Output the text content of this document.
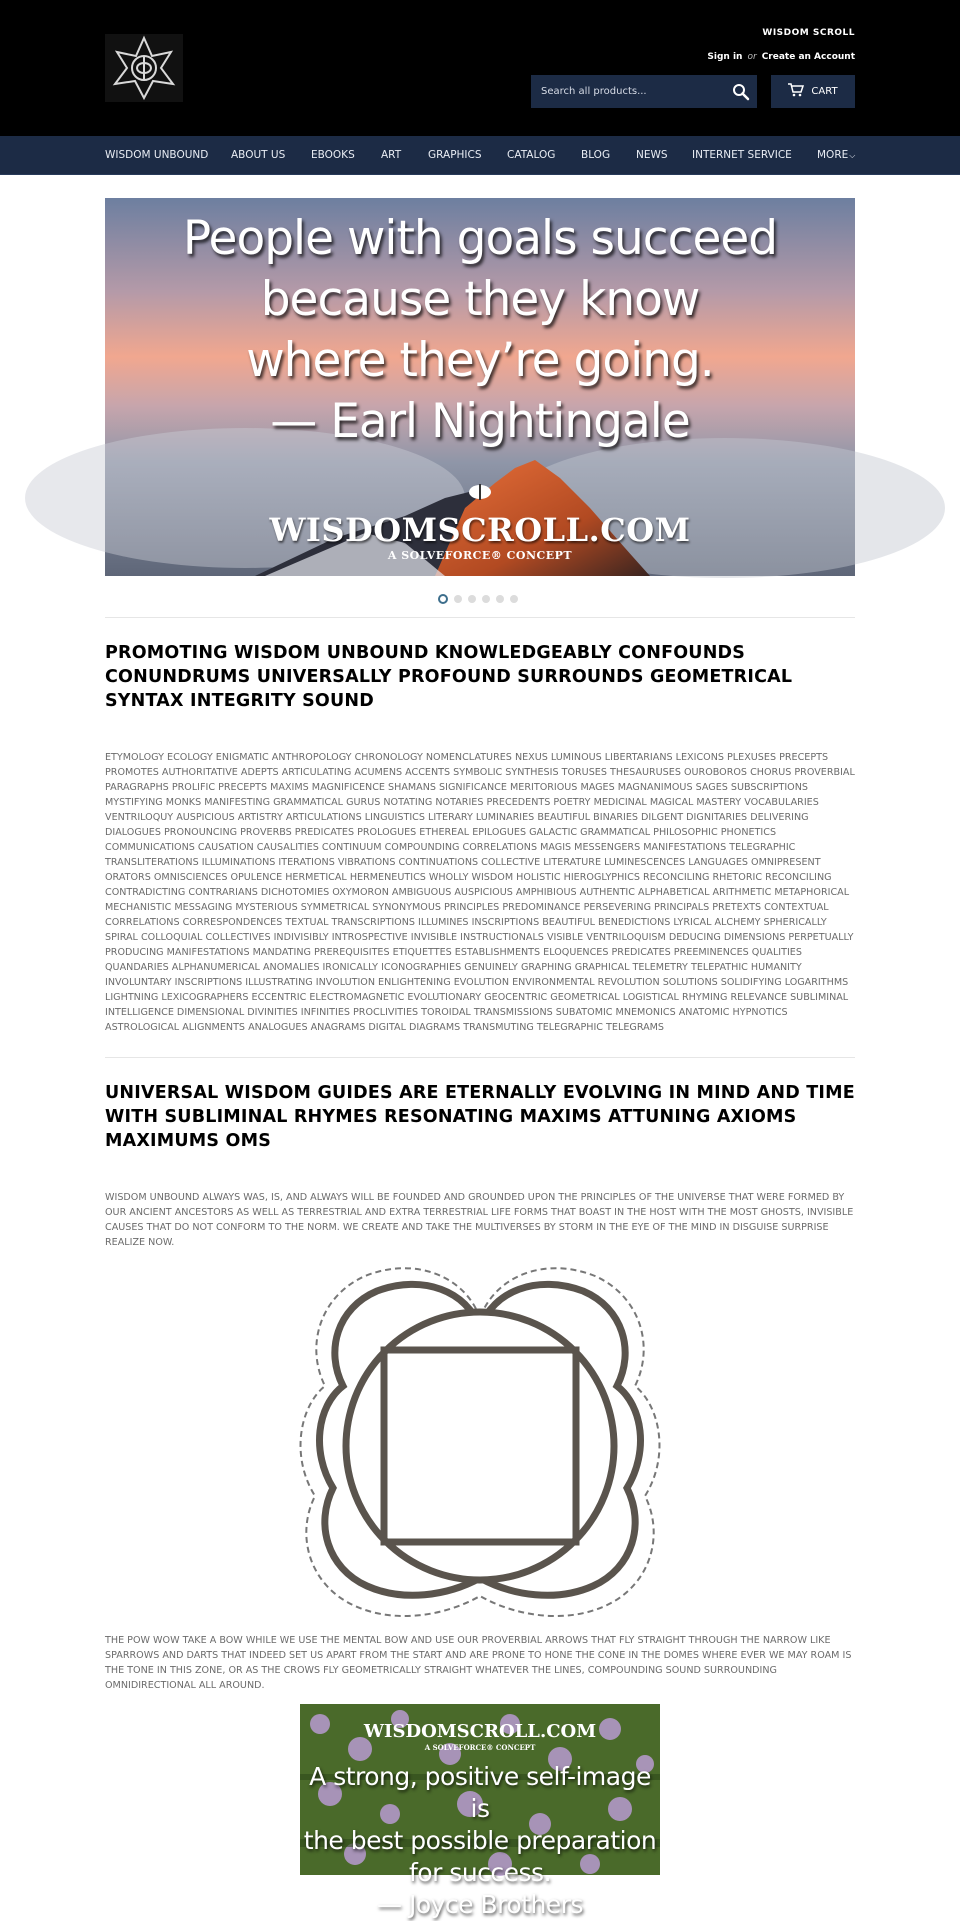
WISDOM SCROLL
Sign in or Create an Account
Search all products...
CART
WISDOM UNBOUND ABOUT US EBOOKS	ART	GRAPHICS CATALOG BLOG NEWS INTERNET SERVICE MORE⌵
People with goals succeed
because they know
where they’re going.
— Earl Nightingale
WISDOMSCROLL.COM
A SOLVEFORCE® CONCEPT
PROMOTING WISDOM UNBOUND KNOWLEDGEABLY CONFOUNDS CONUNDRUMS UNIVERSALLY PROFOUND SURROUNDS GEOMETRICAL SYNTAX INTEGRITY SOUND

ETYMOLOGY ECOLOGY ENIGMATIC ANTHROPOLOGY CHRONOLOGY NOMENCLATURES NEXUS LUMINOUS LIBERTARIANS LEXICONS PLEXUSES PRECEPTS PROMOTES AUTHORITATIVE ADEPTS ARTICULATING ACUMENS ACCENTS SYMBOLIC SYNTHESIS TORUSES THESAURUSES OUROBOROS CHORUS PROVERBIAL PARAGRAPHS PROLIFIC PRECEPTS MAXIMS MAGNIFICENCE SHAMANS SIGNIFICANCE MERITORIOUS MAGES MAGNANIMOUS SAGES SUBSCRIPTIONS MYSTIFYING MONKS MANIFESTING GRAMMATICAL GURUS NOTATING NOTARIES PRECEDENTS POETRY MEDICINAL MAGICAL MASTERY VOCABULARIES VENTRILOQUY AUSPICIOUS ARTISTRY ARTICULATIONS LINGUISTICS LITERARY LUMINARIES BEAUTIFUL BINARIES DILGENT DIGNITARIES DELIVERING DIALOGUES PRONOUNCING PROVERBS PREDICATES PROLOGUES ETHEREAL EPILOGUES GALACTIC GRAMMATICAL PHILOSOPHIC PHONETICS COMMUNICATIONS CAUSATION CAUSALITIES CONTINUUM COMPOUNDING CORRELATIONS MAGIS MESSENGERS MANIFESTATIONS TELEGRAPHIC TRANSLITERATIONS ILLUMINATIONS ITERATIONS VIBRATIONS CONTINUATIONS COLLECTIVE LITERATURE LUMINESCENCES LANGUAGES OMNIPRESENT ORATORS OMNISCIENCES OPULENCE HERMETICAL HERMENEUTICS WHOLLY WISDOM HOLISTIC HIEROGLYPHICS RECONCILING RHETORIC RECONCILING CONTRADICTING CONTRARIANS DICHOTOMIES OXYMORON AMBIGUOUS AUSPICIOUS AMPHIBIOUS AUTHENTIC ALPHABETICAL ARITHMETIC METAPHORICAL MECHANISTIC MESSAGING MYSTERIOUS SYMMETRICAL SYNONYMOUS PRINCIPLES PREDOMINANCE PERSEVERING PRINCIPALS PRETEXTS CONTEXTUAL CORRELATIONS CORRESPONDENCES TEXTUAL TRANSCRIPTIONS ILLUMINES INSCRIPTIONS BEAUTIFUL BENEDICTIONS LYRICAL ALCHEMY SPHERICALLY SPIRAL COLLOQUIAL COLLECTIVES INDIVISIBLY INTROSPECTIVE INVISIBLE INSTRUCTIONALS VISIBLE VENTRILOQUISM DEDUCING DIMENSIONS PERPETUALLY PRODUCING MANIFESTATIONS MANDATING PREREQUISITES ETIQUETTES ESTABLISHMENTS ELOQUENCES PREDICATES PREEMINENCES QUALITIES QUANDARIES ALPHANUMERICAL ANOMALIES IRONICALLY ICONOGRAPHIES GENUINELY GRAPHING GRAPHICAL TELEMETRY TELEPATHIC HUMANITY INVOLUNTARY INSCRIPTIONS ILLUSTRATING INVOLUTION ENLIGHTENING EVOLUTION ENVIRONMENTAL REVOLUTION SOLUTIONS SOLIDIFYING LOGARITHMS LIGHTNING LEXICOGRAPHERS ECCENTRIC ELECTROMAGNETIC EVOLUTIONARY GEOCENTRIC GEOMETRICAL LOGISTICAL RHYMING RELEVANCE SUBLIMINAL INTELLIGENCE DIMENSIONAL DIVINITIES INFINITIES PROCLIVITIES TOROIDAL TRANSMISSIONS SUBATOMIC MNEMONICS ANATOMIC HYPNOTICS ASTROLOGICAL ALIGNMENTS ANALOGUES ANAGRAMS DIGITAL DIAGRAMS TRANSMUTING TELEGRAPHIC TELEGRAMS

UNIVERSAL WISDOM GUIDES ARE ETERNALLY EVOLVING IN MIND AND TIME WITH SUBLIMINAL RHYMES RESONATING MAXIMS ATTUNING AXIOMS MAXIMUMS OMS

WISDOM UNBOUND ALWAYS WAS, IS, AND ALWAYS WILL BE FOUNDED AND GROUNDED UPON THE PRINCIPLES OF THE UNIVERSE THAT WERE FORMED BY OUR ANCIENT ANCESTORS AS WELL AS TERRESTRIAL AND EXTRA TERRESTRIAL LIFE FORMS THAT BOAST IN THE HOST WITH THE MOST GHOSTS, INVISIBLE CAUSES THAT DO NOT CONFORM TO THE NORM. WE CREATE AND TAKE THE MULTIVERSES BY STORM IN THE EYE OF THE MIND IN DISGUISE SURPRISE REALIZE NOW.

THE POW WOW TAKE A BOW WHILE WE USE THE MENTAL BOW AND USE OUR PROVERBIAL ARROWS THAT FLY STRAIGHT THROUGH THE NARROW LIKE SPARROWS AND DARTS THAT INDEED SET US APART FROM THE START AND ARE PRONE TO HONE THE CONE IN THE DOMES WHERE EVER WE MAY ROAM IS THE TONE IN THIS ZONE, OR AS THE CROWS FLY GEOMETRICALLY STRAIGHT WHATEVER THE LINES, COMPOUNDING SOUND SURROUNDING OMNIDIRECTIONAL ALL AROUND.

WISDOMSCROLL.COM
A SOLVEFORCE® CONCEPT
A strong, positive self-image is
the best possible preparation
for success.
— Joyce Brothers
